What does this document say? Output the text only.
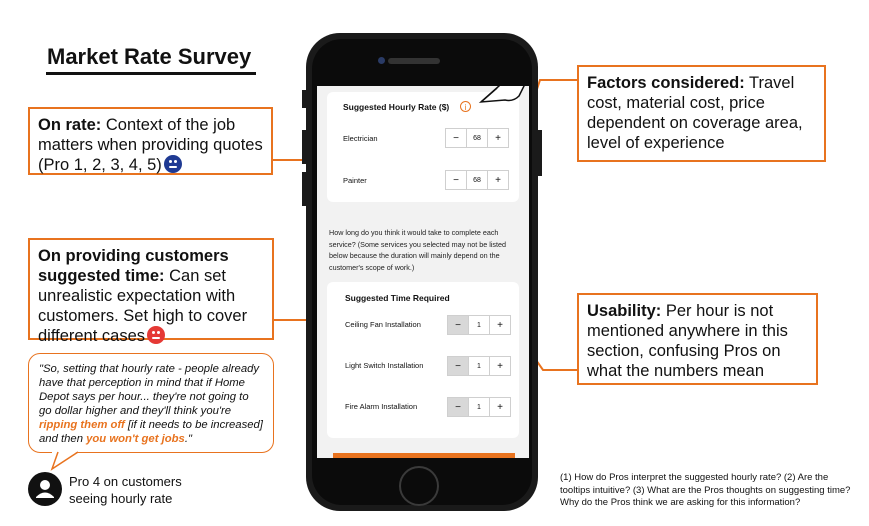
Market Rate Survey
On rate: Context of the job matters when providing quotes (Pro 1, 2, 3, 4, 5)
On providing customers suggested time: Can set unrealistic expectation with customers. Set high to cover different cases
Factors considered: Travel cost, material cost, price dependent on coverage area, level of experience
Usability: Per hour is not mentioned anywhere in this section, confusing Pros on what the numbers mean
Suggested Hourly Rate ($)	i
Electrician	−	68	+
Painter	−	68	+
How long do you think it would take to complete each service? (Some services you selected may not be listed below because the duration will mainly depend on the customer's scope of work.)
Suggested Time Required
Ceiling Fan Installation	−	1	+
Light Switch Installation	−	1	+
Fire Alarm Installation	−	1	+
"So, setting that hourly rate - people already have that perception in mind that if Home Depot says per hour... they're not going to go dollar higher and they'll think you're ripping them off [if it needs to be increased] and then you won't get jobs."
Pro 4 on customers seeing hourly rate
(1) How do Pros interpret the suggested hourly rate? (2) Are the tooltips intuitive? (3) What are the Pros thoughts on suggesting time? Why do the Pros think we are asking for this information?
